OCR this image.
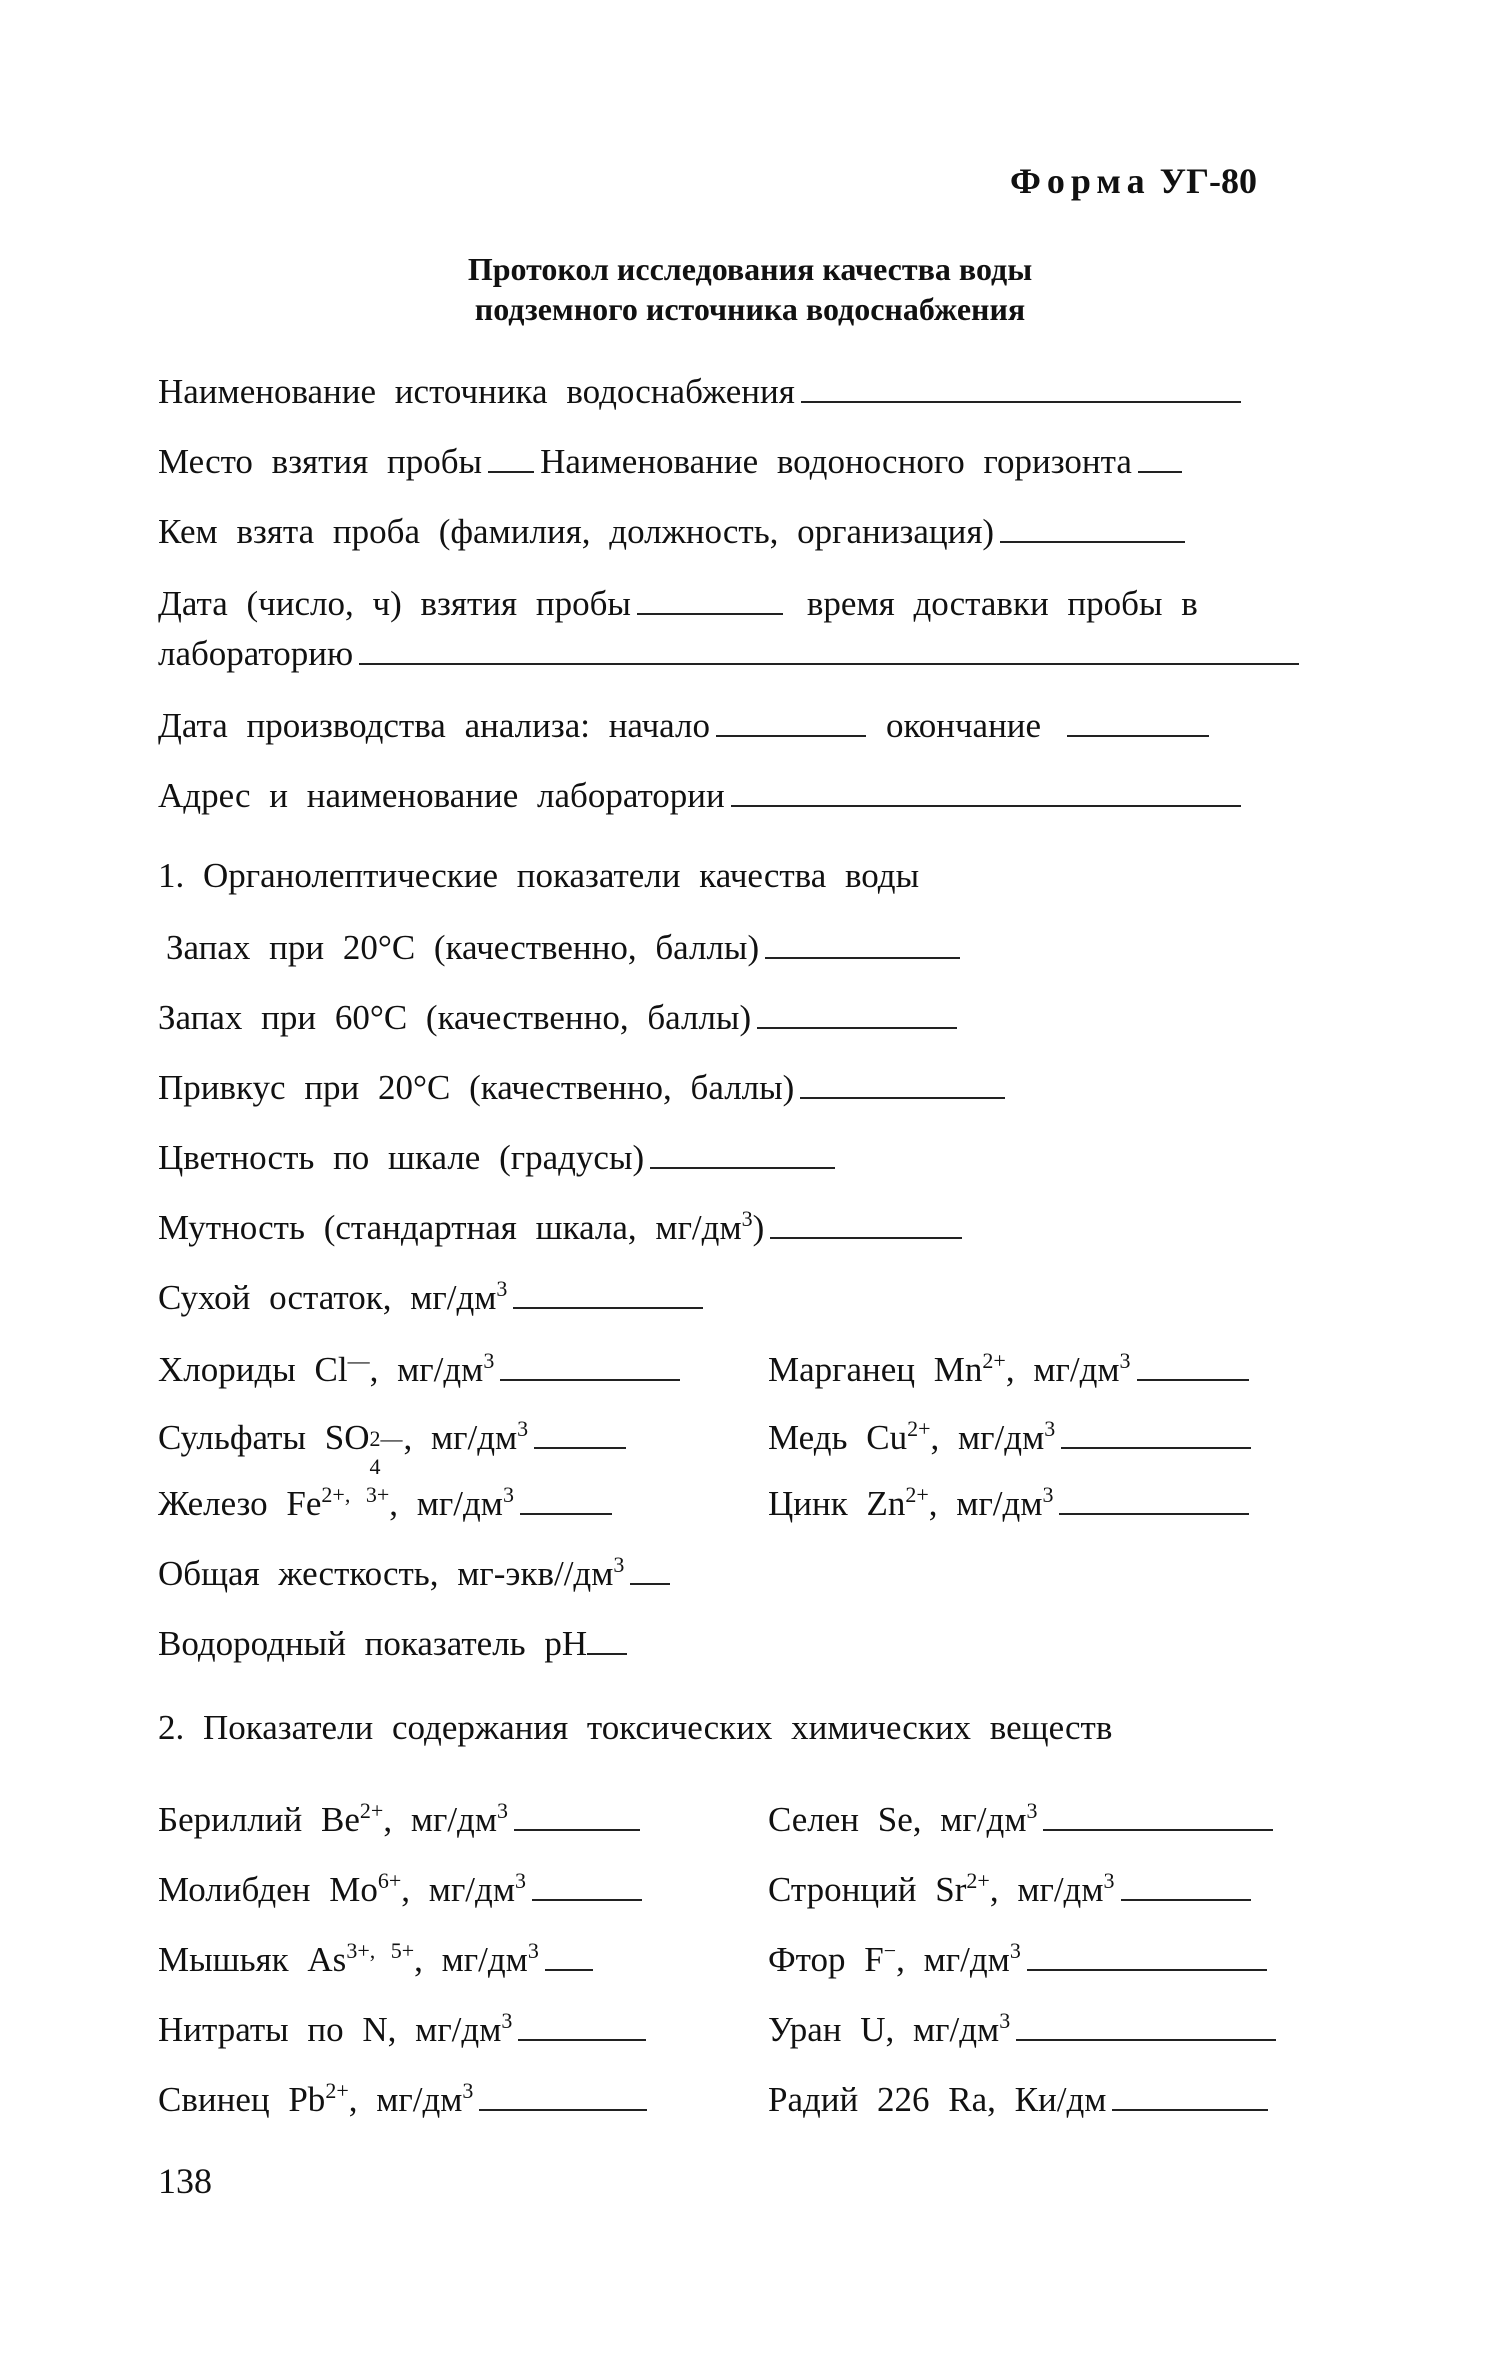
Форма УГ-80
Протокол исследования качества воды
подземного источника водоснабжения
Наименование источника водоснабжения
Место взятия пробы Наименование водоносного горизонта
Кем взята проба (фамилия, должность, организация)
Дата (число, ч) взятия пробы	время доставки пробы в
лабораторию
Дата производства анализа: начало	окончание
Адрес и наименование лаборатории
1. Органолептические показатели качества воды
Запах при 20°С (качественно, баллы)
Запах при 60°С (качественно, баллы)
Привкус при 20°С (качественно, баллы)
Цветность по шкале (градусы)
Мутность (стандартная шкала, $мг/дм^3$)
Сухой остаток, $мг/дм^3$
Хлориды Cl—, $мг/дм^3$
Сульфаты SO 2—
4
, $мг/дм^3$
Железо $Fe^{2+, 3+}$, $мг/дм^3$
Общая жесткость, $мг-экв//дм^3$
Водородный показатель рН
Марганец $Mn^{2+}$, $мг/дм^3$
Медь $Cu^{2+}$, $мг/дм^3$
Цинк $Zn^{2+}$, $мг/дм^3$
2. Показатели содержания токсических химических веществ
Бериллий $Be^{2+}$, $мг/дм^3$
Молибден $Mo^{6+}$, $мг/дм^3$
Мышьяк $As^{3+, 5+}$, $мг/дм^3$
Нитраты по N, $мг/дм^3$
Свинец $Pb^{2+}$, $мг/дм^3$
Селен Se, $мг/дм^3$
Стронций $Sr^{2+}$, $мг/дм^3$
Фтор F−, $мг/дм^3$
Уран U, $мг/дм^3$
Радий 226 Ra, Ки/дм
138
